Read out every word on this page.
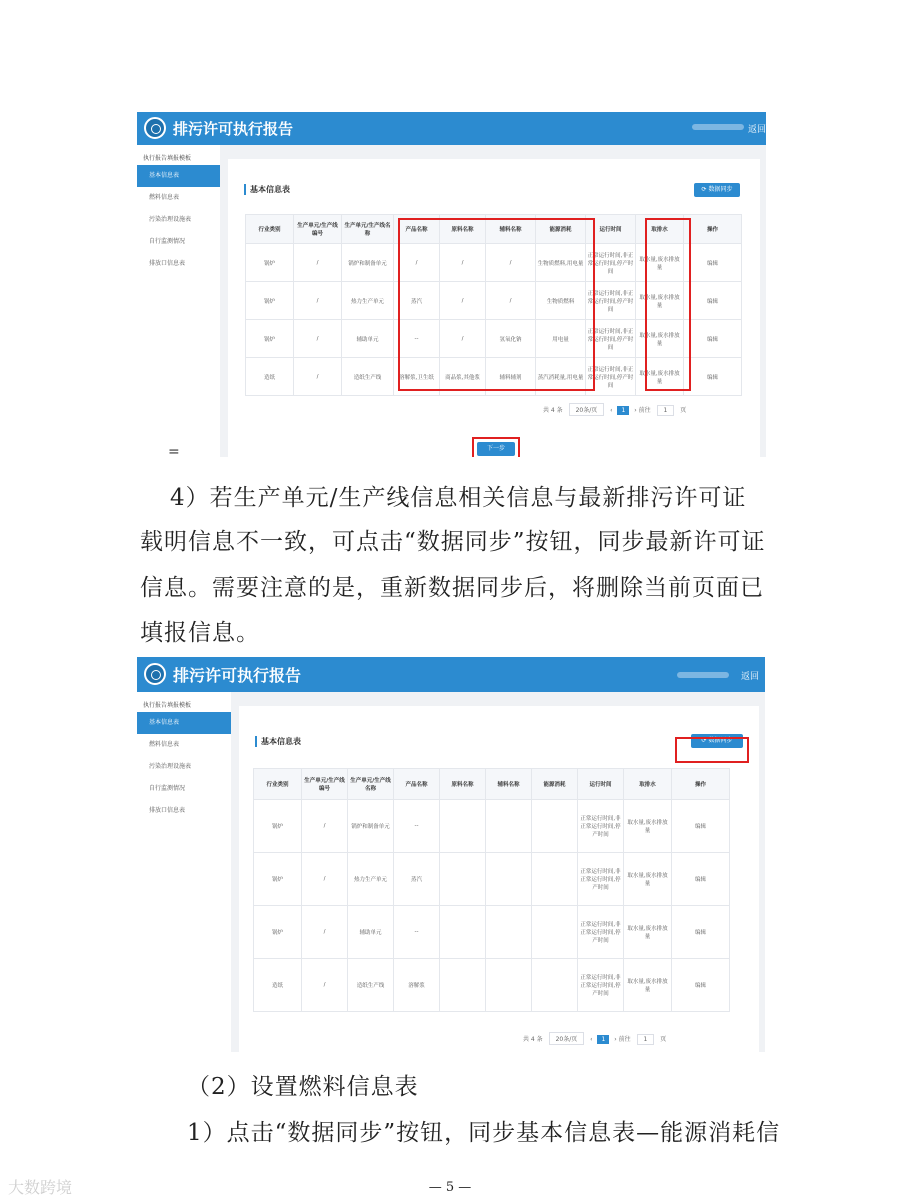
排污许可执行报告	返回
执行报告填报模板
基本信息表
燃料信息表
污染治理设施表
自行监测情况
排放口信息表
基本信息表	⟳ 数据同步
行业类别	生产单元/生产线编号	生产单元/生产线名称	产品名称	原料名称	辅料名称	能源消耗	运行时间	取排水	操作
锅炉	/	锅炉和制备单元	/	/	/	生物质燃料,用电量	正常运行时间,非正常运行时间,停产时间	取水量,废水排放量	编辑
锅炉	/	热力生产单元	蒸汽	/	/	生物质燃料	正常运行时间,非正常运行时间,停产时间	取水量,废水排放量	编辑
锅炉	/	辅助单元	--	/	氢氧化钠	用电量	正常运行时间,非正常运行时间,停产时间	取水量,废水排放量	编辑
造纸	/	造纸生产线	溶解浆,卫生纸	商品浆,其他浆	辅料辅剂	蒸汽消耗量,用电量	正常运行时间,非正常运行时间,停产时间	取水量,废水排放量	编辑
共 4 条 20条/页 ‹ 1 › 前往 1 页
下一步
=
4）若生产单元/生产线信息相关信息与最新排污许可证
载明信息不一致，可点击“数据同步”按钮，同步最新许可证
信息。需要注意的是，重新数据同步后，将删除当前页面已
填报信息。
排污许可执行报告	返回
执行报告填报模板
基本信息表
燃料信息表
污染治理设施表
自行监测情况
排放口信息表
基本信息表	⟳ 数据同步
行业类别	生产单元/生产线编号	生产单元/生产线名称	产品名称	原料名称	辅料名称	能源消耗	运行时间	取排水	操作
锅炉	/	锅炉和制备单元	--				正常运行时间,非正常运行时间,停产时间	取水量,废水排放量	编辑
锅炉	/	热力生产单元	蒸汽				正常运行时间,非正常运行时间,停产时间	取水量,废水排放量	编辑
锅炉	/	辅助单元	--				正常运行时间,非正常运行时间,停产时间	取水量,废水排放量	编辑
造纸	/	造纸生产线	溶解浆				正常运行时间,非正常运行时间,停产时间	取水量,废水排放量	编辑
共 4 条 20条/页 ‹ 1 › 前往 1 页
（2）设置燃料信息表
1）点击“数据同步”按钮，同步基本信息表—能源消耗信
大数跨境	— 5 —
